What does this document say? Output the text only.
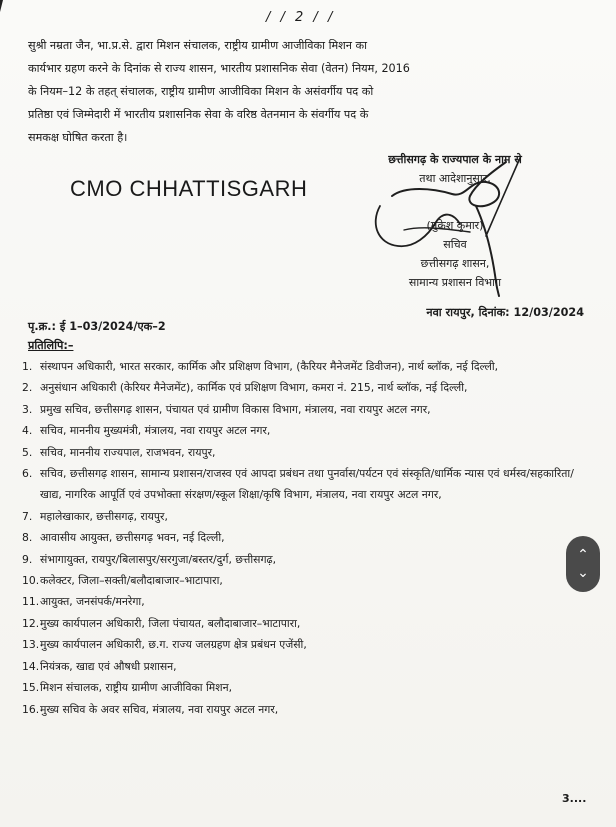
/ / 2 / /
सुश्री नम्रता जैन, भा.प्र.से. द्वारा मिशन संचालक, राष्ट्रीय ग्रामीण आजीविका मिशन का
कार्यभार ग्रहण करने के दिनांक से राज्य शासन, भारतीय प्रशासनिक सेवा (वेतन) नियम, 2016
के नियम–12 के तहत् संचालक, राष्ट्रीय ग्रामीण आजीविका मिशन के असंवर्गीय पद को
प्रतिष्ठा एवं जिम्मेदारी में भारतीय प्रशासनिक सेवा के वरिष्ठ वेतनमान के संवर्गीय पद के
समकक्ष घोषित करता है।
CMO CHHATTISGARH
छत्तीसगढ़ के राज्यपाल के नाम से
तथा आदेशानुसार,
(मुकेश कुमार)
सचिव
छत्तीसगढ़ शासन,
सामान्य प्रशासन विभाग
पृ.क्र.: ई 1–03/2024/एक–2
नवा रायपुर, दिनांक: 12/03/2024
प्रतिलिपि:–
1. संस्थापन अधिकारी, भारत सरकार, कार्मिक और प्रशिक्षण विभाग, (कैरियर मैनेजमेंट डिवीजन), नार्थ ब्लॉक, नई दिल्ली,
2. अनुसंधान अधिकारी (केरियर मैनेजमेंट), कार्मिक एवं प्रशिक्षण विभाग, कमरा नं. 215, नार्थ ब्लॉक, नई दिल्ली,
3. प्रमुख सचिव, छत्तीसगढ़ शासन, पंचायत एवं ग्रामीण विकास विभाग, मंत्रालय, नवा रायपुर अटल नगर,
4. सचिव, माननीय मुख्यमंत्री, मंत्रालय, नवा रायपुर अटल नगर,
5. सचिव, माननीय राज्यपाल, राजभवन, रायपुर,
6. सचिव, छत्तीसगढ़ शासन, सामान्य प्रशासन/राजस्व एवं आपदा प्रबंधन तथा पुनर्वास/पर्यटन एवं संस्कृति/धार्मिक न्यास एवं धर्मस्व/सहकारिता/खाद्य, नागरिक आपूर्ति एवं उपभोक्ता संरक्षण/स्कूल शिक्षा/कृषि विभाग, मंत्रालय, नवा रायपुर अटल नगर,
7. महालेखाकार, छत्तीसगढ़, रायपुर,
8. आवासीय आयुक्त, छत्तीसगढ़ भवन, नई दिल्ली,
9. संभागायुक्त, रायपुर/बिलासपुर/सरगुजा/बस्तर/दुर्ग, छत्तीसगढ़,
10. कलेक्टर, जिला–सक्ती/बलौदाबाजार–भाटापारा,
11. आयुक्त, जनसंपर्क/मनरेगा,
12. मुख्य कार्यपालन अधिकारी, जिला पंचायत, बलौदाबाजार–भाटापारा,
13. मुख्य कार्यपालन अधिकारी, छ.ग. राज्य जलग्रहण क्षेत्र प्रबंधन एजेंसी,
14. नियंत्रक, खाद्य एवं औषधी प्रशासन,
15. मिशन संचालक, राष्ट्रीय ग्रामीण आजीविका मिशन,
16. मुख्य सचिव के अवर सचिव, मंत्रालय, नवा रायपुर अटल नगर,
⌃
⌄
3....
